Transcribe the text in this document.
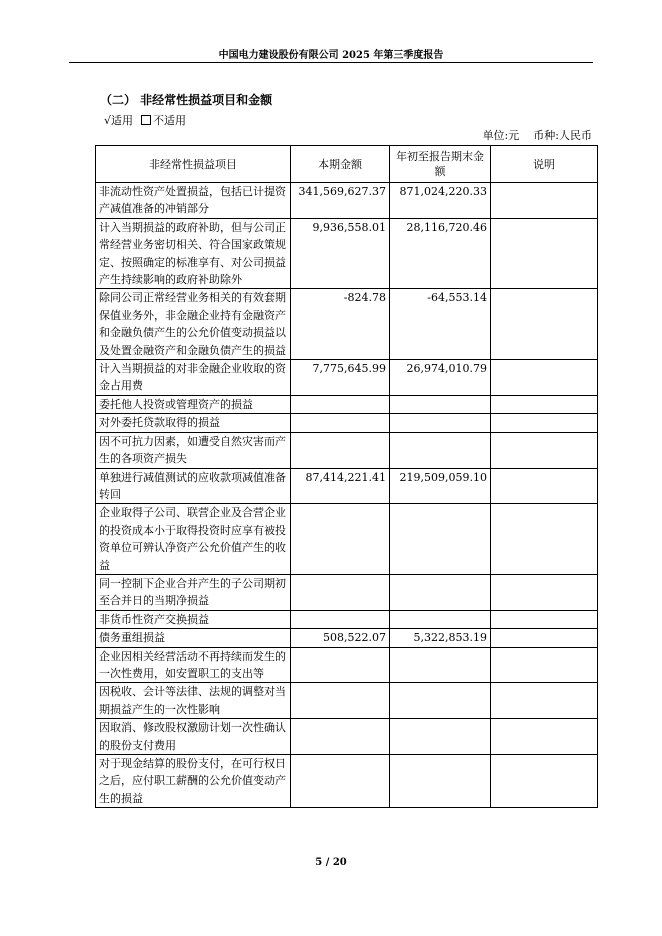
中国电力建设股份有限公司 2025 年第三季度报告
（二） 非经常性损益项目和金额
√适用 不适用
单位:元 币种:人民币
非经常性损益项目	本期金额	年初至报告期末金额	说明
非流动性资产处置损益，包括已计提资产减值准备的冲销部分	341,569,627.37	871,024,220.33	
计入当期损益的政府补助，但与公司正常经营业务密切相关、符合国家政策规定、按照确定的标准享有、对公司损益产生持续影响的政府补助除外	9,936,558.01	28,116,720.46	
除同公司正常经营业务相关的有效套期保值业务外，非金融企业持有金融资产和金融负债产生的公允价值变动损益以及处置金融资产和金融负债产生的损益	-824.78	-64,553.14	
计入当期损益的对非金融企业收取的资金占用费	7,775,645.99	26,974,010.79	
委托他人投资或管理资产的损益			
对外委托贷款取得的损益			
因不可抗力因素，如遭受自然灾害而产生的各项资产损失			
单独进行减值测试的应收款项减值准备转回	87,414,221.41	219,509,059.10	
企业取得子公司、联营企业及合营企业的投资成本小于取得投资时应享有被投资单位可辨认净资产公允价值产生的收益			
同一控制下企业合并产生的子公司期初至合并日的当期净损益			
非货币性资产交换损益			
债务重组损益	508,522.07	5,322,853.19	
企业因相关经营活动不再持续而发生的一次性费用，如安置职工的支出等			
因税收、会计等法律、法规的调整对当期损益产生的一次性影响			
因取消、修改股权激励计划一次性确认的股份支付费用			
对于现金结算的股份支付，在可行权日之后，应付职工薪酬的公允价值变动产生的损益			
5 / 20
